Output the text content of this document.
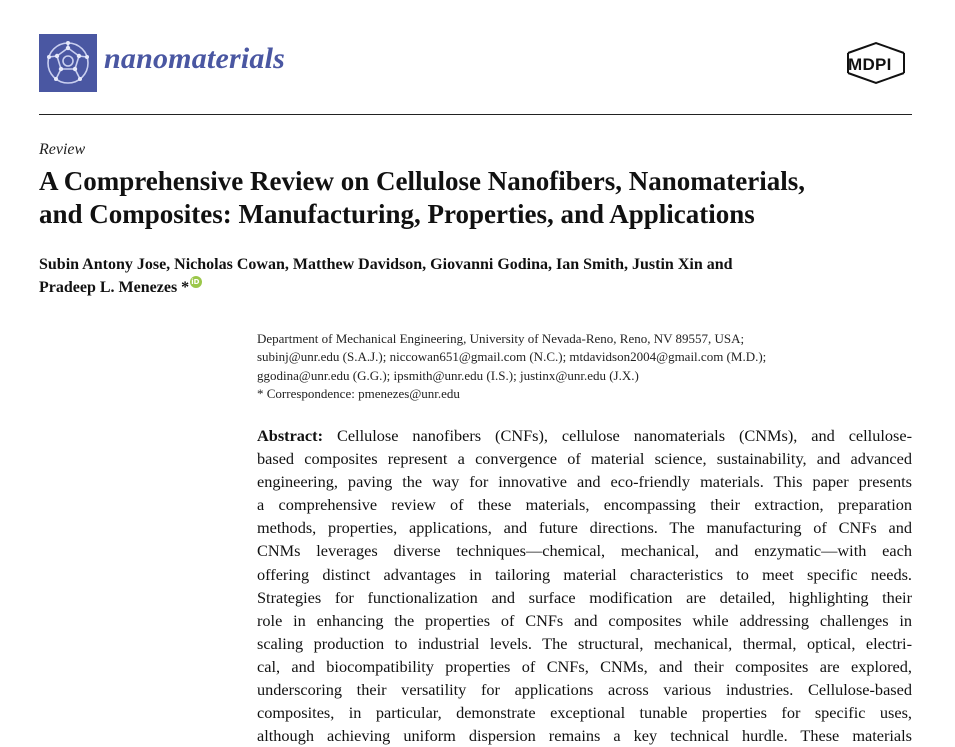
nanomaterials	MDPI
Review
A Comprehensive Review on Cellulose Nanofibers, Nanomaterials,
and Composites: Manufacturing, Properties, and Applications
Subin Antony Jose, Nicholas Cowan, Matthew Davidson, Giovanni Godina, Ian Smith, Justin Xin and
Pradeep L. Menezes *iD
Department of Mechanical Engineering, University of Nevada-Reno, Reno, NV 89557, USA;
subinj@unr.edu (S.A.J.); niccowan651@gmail.com (N.C.); mtdavidson2004@gmail.com (M.D.);
ggodina@unr.edu (G.G.); ipsmith@unr.edu (I.S.); justinx@unr.edu (J.X.)
* Correspondence: pmenezes@unr.edu
Abstract: Cellulose nanofibers (CNFs), cellulose nanomaterials (CNMs), and cellulose-
based composites represent a convergence of material science, sustainability, and advanced
engineering, paving the way for innovative and eco-friendly materials. This paper presents
a comprehensive review of these materials, encompassing their extraction, preparation
methods, properties, applications, and future directions. The manufacturing of CNFs and
CNMs leverages diverse techniques—chemical, mechanical, and enzymatic—with each
offering distinct advantages in tailoring material characteristics to meet specific needs.
Strategies for functionalization and surface modification are detailed, highlighting their
role in enhancing the properties of CNFs and composites while addressing challenges in
scaling production to industrial levels. The structural, mechanical, thermal, optical, electri-
cal, and biocompatibility properties of CNFs, CNMs, and their composites are explored,
underscoring their versatility for applications across various industries. Cellulose-based
composites, in particular, demonstrate exceptional tunable properties for specific uses,
although achieving uniform dispersion remains a key technical hurdle. These materials
